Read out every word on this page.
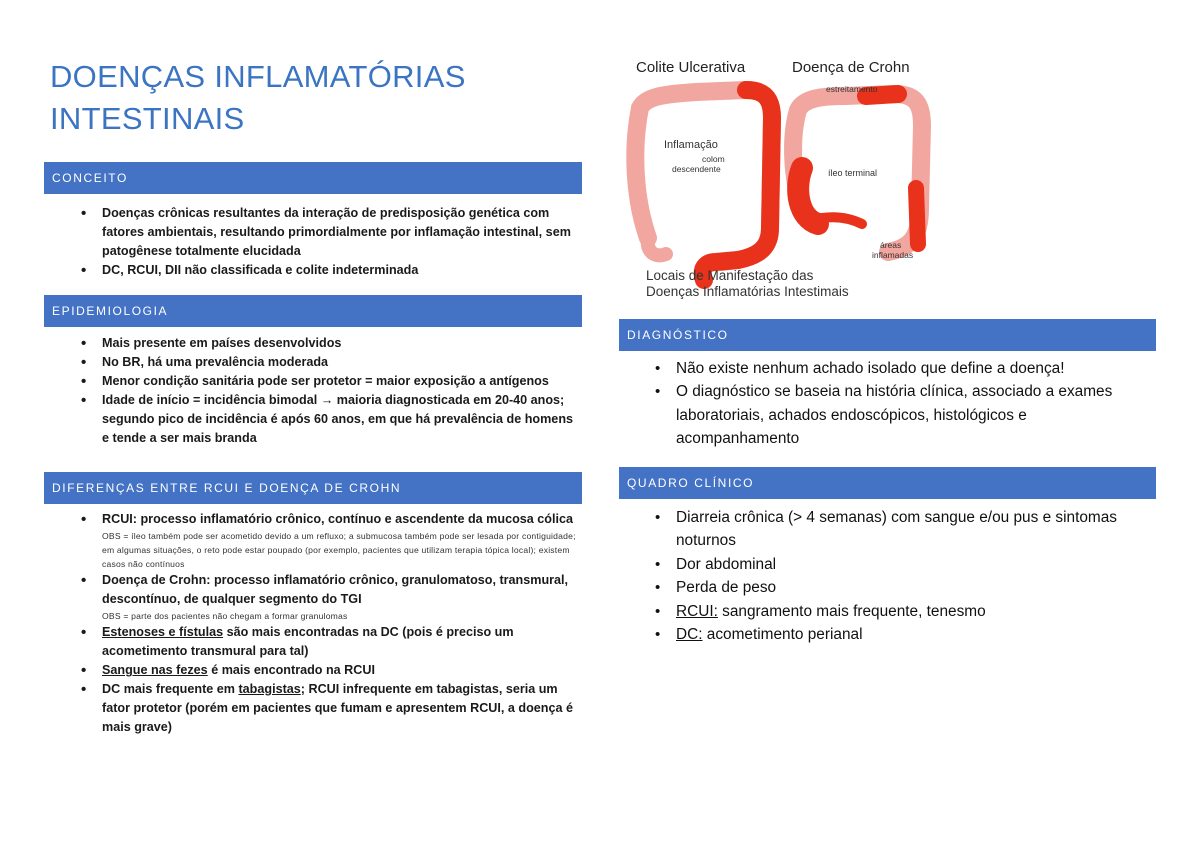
DOENÇAS INFLAMATÓRIAS
INTESTINAIS
CONCEITO
• Doenças crônicas resultantes da interação de predisposição genética com fatores ambientais, resultando primordialmente por inflamação intestinal, sem patogênese totalmente elucidada
• DC, RCUI, DII não classificada e colite indeterminada
EPIDEMIOLOGIA
• Mais presente em países desenvolvidos
• No BR, há uma prevalência moderada
• Menor condição sanitária pode ser protetor = maior exposição a antígenos
• Idade de início = incidência bimodal → maioria diagnosticada em 20-40 anos; segundo pico de incidência é após 60 anos, em que há prevalência de homens e tende a ser mais branda
DIFERENÇAS ENTRE RCUI E DOENÇA DE CROHN
• RCUI: processo inflamatório crônico, contínuo e ascendente da mucosa cólica
OBS = íleo também pode ser acometido devido a um refluxo; a submucosa também pode ser lesada por contiguidade; em algumas situações, o reto pode estar poupado (por exemplo, pacientes que utilizam terapia tópica local); existem casos não contínuos
• Doença de Crohn: processo inflamatório crônico, granulomatoso, transmural, descontínuo, de qualquer segmento do TGI
OBS = parte dos pacientes não chegam a formar granulomas
• Estenoses e fístulas são mais encontradas na DC (pois é preciso um acometimento transmural para tal)
• Sangue nas fezes é mais encontrado na RCUI
• DC mais frequente em tabagistas; RCUI infrequente em tabagistas, seria um fator protetor (porém em pacientes que fumam e apresentem RCUI, a doença é mais grave)
Colite Ulcerativa	Doença de Crohn
Inflamação
colom
descendente
estreitamento
íleo terminal
áreas
inflamadas
Locais de Manifestação das
Doenças Inflamatórias Intestimais
DIAGNÓSTICO
• Não existe nenhum achado isolado que define a doença!
• O diagnóstico se baseia na história clínica, associado a exames laboratoriais, achados endoscópicos, histológicos e acompanhamento
QUADRO CLÍNICO
• Diarreia crônica (> 4 semanas) com sangue e/ou pus e sintomas noturnos
• Dor abdominal
• Perda de peso
• RCUI: sangramento mais frequente, tenesmo
• DC: acometimento perianal
